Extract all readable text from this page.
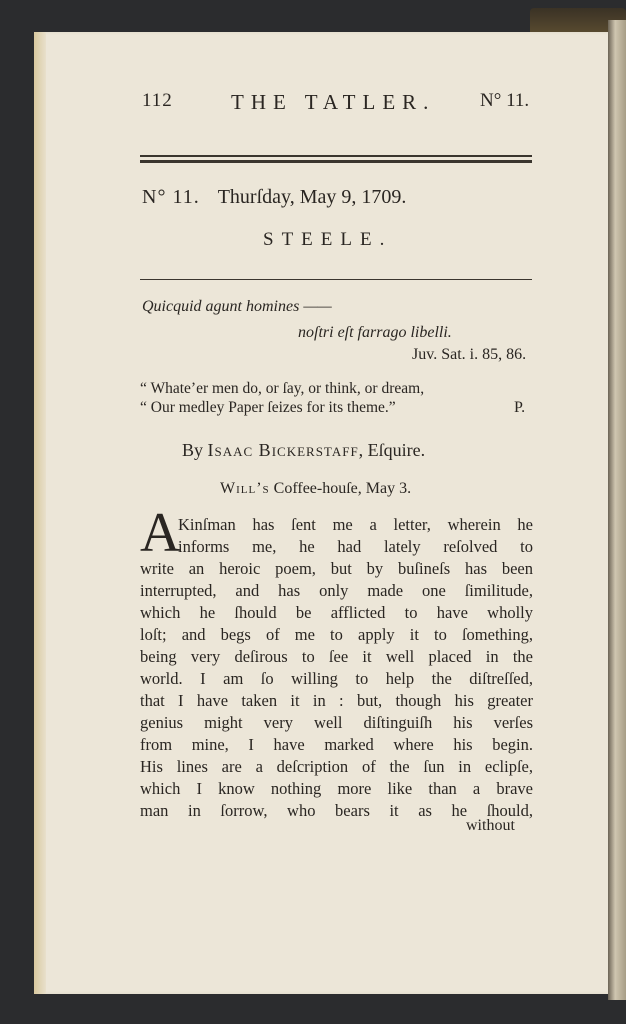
112	THE TATLER. N° 11.
N° 11. Thurſday, May 9, 1709.
STEELE.
Quicquid agunt homines ——
noſtri eſt farrago libelli.
Juv. Sat. i. 85, 86.
“ Whate’er men do, or ſay, or think, or dream,
“ Our medley Paper ſeizes for its theme.”	P.
By Isaac Bickerstaff, Eſquire.
Will’s Coffee-houſe, May 3.
A
Kinſman has ſent me a letter, wherein he
informs me, he had lately reſolved to
write an heroic poem, but by buſineſs has been
interrupted, and has only made one ſimilitude,
which he ſhould be afflicted to have wholly
loſt; and begs of me to apply it to ſomething,
being very deſirous to ſee it well placed in the
world. I am ſo willing to help the diſtreſſed,
that I have taken it in : but, though his greater
genius might very well diſtinguiſh his verſes
from mine, I have marked where his begin.
His lines are a deſcription of the ſun in eclipſe,
which I know nothing more like than a brave
man in ſorrow, who bears it as he ſhould,
without
